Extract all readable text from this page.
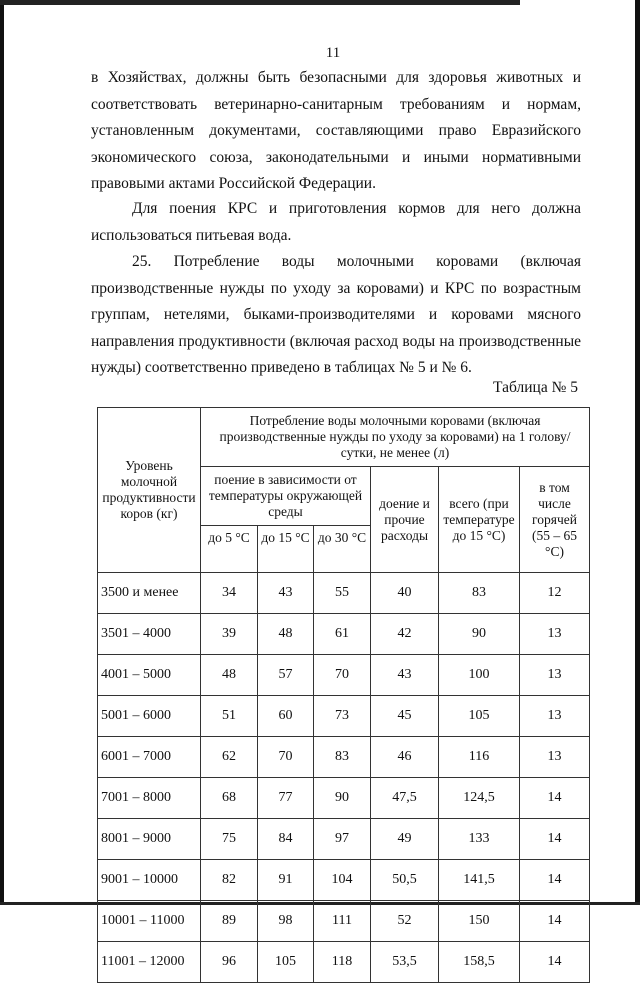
11
в Хозяйствах, должны быть безопасными для здоровья животных и соответствовать ветеринарно-санитарным требованиям и нормам, установленным документами, составляющими право Евразийского экономического союза, законодательными и иными нормативными правовыми актами Российской Федерации.
Для поения КРС и приготовления кормов для него должна использоваться питьевая вода.
25. Потребление воды молочными коровами (включая производственные нужды по уходу за коровами) и КРС по возрастным группам, нетелями, быками-производителями и коровами мясного направления продуктивности (включая расход воды на производственные нужды) соответственно приведено в таблицах № 5 и № 6.
Таблица № 5
Уровень молочной продуктивности коров (кг)	Потребление воды молочными коровами (включая производственные нужды по уходу за коровами) на 1 голову/сутки, не менее (л)					
	поение в зависимости от температуры окружающей среды			доение и прочие расходы	всего (при температуре до 15 °С)	в том числе горячей (55 – 65 °С)
	до 5 °С	до 15 °С	до 30 °С			
3500 и менее	34	43	55	40	83	12
3501 – 4000	39	48	61	42	90	13
4001 – 5000	48	57	70	43	100	13
5001 – 6000	51	60	73	45	105	13
6001 – 7000	62	70	83	46	116	13
7001 – 8000	68	77	90	47,5	124,5	14
8001 – 9000	75	84	97	49	133	14
9001 – 10000	82	91	104	50,5	141,5	14
10001 – 11000	89	98	111	52	150	14
11001 – 12000	96	105	118	53,5	158,5	14
